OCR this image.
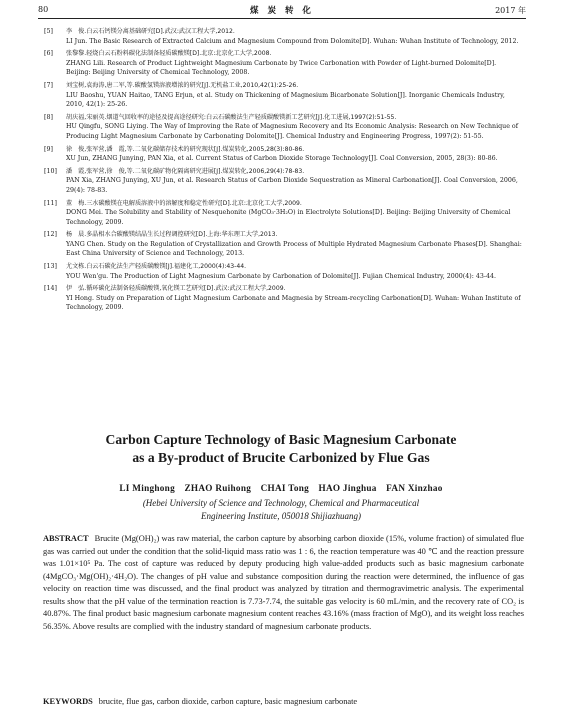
80	煤 炭 转 化	2017 年
[5] 李　俊.白云石钙镁分离基础研究[D].武汉:武汉工程大学,2012.
LI Jun. The Basic Research of Extracted Calcium and Magnesium Compound from Dolomite[D]. Wuhan: Wuhan Institute of Technology, 2012.
[6] 张黎黎.轻烧白云石粉料碳化法制备轻质碳酸镁[D].北京:北京化工大学,2008.
ZHANG Lili. Research of Product Lightweight Magnesium Carbonate by Twice Carbonation with Powder of Light-burned Dolomite[D]. Beijing: Beijing University of Chemical Technology, 2008.
[7] 刘宝树,袁海涛,唐二军,等.碳酸氢镁溶液增浓的研究[J].无机盐工业,2010,42(1):25-26.
LIU Baoshu, YUAN Haitao, TANG Erjun, et al. Study on Thickening of Magnesium Bicarbonate Solution[J]. Inorganic Chemicals Industry, 2010, 42(1): 25-26.
[8] 胡庆福,宋丽英.烟道气回收率的途径及提高途径研究:白云石碳酸法生产轻质碳酸镁新工艺研究[J].化工进展,1997(2):51-55.
HU Qingfu, SONG Liying. The Way of Improving the Rate of Magnesium Recovery and Its Economic Analysis: Research on New Technique of Producing Light Magnesium Carbonate by Carbonating Dolomite[J]. Chemical Industry and Engineering Progress, 1997(2): 51-55.
[9] 徐　俊,张军营,潘　霞,等.二氧化碳储存技术的研究现状[J].煤炭转化,2005,28(3):80-86.
XU Jun, ZHANG Junying, PAN Xia, et al. Current Status of Carbon Dioxide Storage Technology[J]. Coal Conversion, 2005, 28(3): 80-86.
[10] 潘　霞,张军营,徐　俊,等.二氧化碳矿物化隔离研究进展[J].煤炭转化,2006,29(4):78-83.
PAN Xia, ZHANG Junying, XU Jun, et al. Research Status of Carbon Dioxide Sequestration as Mineral Carbonation[J]. Coal Conversion, 2006, 29(4): 78-83.
[11] 董　梅.三水碳酸镁在电解质溶液中的溶解度和稳定性研究[D].北京:北京化工大学,2009.
DONG Mei. The Solubility and Stability of Nesquehonite (MgCO₃·3H₂O) in Electrolyte Solutions[D]. Beijing: Beijing University of Chemical Technology, 2009.
[12] 杨　晨.多晶相水合碳酸镁结晶生长过程调控研究[D].上海:华东理工大学,2013.
YANG Chen. Study on the Regulation of Crystallization and Growth Process of Multiple Hydrated Magnesium Carbonate Phases[D]. Shanghai: East China University of Science and Technology, 2013.
[13] 尤文栋.白云石碳化法生产轻质碳酸镁[J].福建化工,2000(4):43-44.
YOU Wen'gu. The Production of Light Magnesium Carbonate by Carbonation of Dolomite[J]. Fujian Chemical Industry, 2000(4): 43-44.
[14] 伊　弘.循环碳化法制备轻质碳酸镁,氧化镁工艺研究[D].武汉:武汉工程大学,2009.
YI Hong. Study on Preparation of Light Magnesium Carbonate and Magnesia by Stream-recycling Carbonation[D]. Wuhan: Wuhan Institute of Technology, 2009.
Carbon Capture Technology of Basic Magnesium Carbonate
as a By-product of Brucite Carbonized by Flue Gas
LI Minghong　ZHAO Ruihong　CHAI Tong　HAO Jinghua　FAN Xinzhao
(Hebei University of Science and Technology, Chemical and Pharmaceutical
Engineering Institute, 050018 Shijiazhuang)
ABSTRACT Brucite (Mg(OH)₂) was raw material, the carbon capture by absorbing carbon dioxide (15%, volume fraction) of simulated flue gas was carried out under the condition that the solid-liquid mass ratio was 1 : 6, the reaction temperature was 40 ℃ and the reaction pressure was 1.01×10⁵ Pa. The cost of capture was reduced by deputy producing high value-added products such as basic magnesium carbonate (4MgCO₃·Mg(OH)₂·4H₂O). The changes of pH value and substance composition during the reaction were determined, the influence of gas velocity on reaction time was discussed, and the final product was analyzed by titration and thermogravimetric analysis. The experimental results show that the pH value of the termination reaction is 7.73-7.74, the suitable gas velocity is 60 mL/min, and the recovery rate of CO₂ is 40.87%. The final product basic magnesium carbonate magnesium content reaches 43.16% (mass fraction of MgO), and its weight loss reaches 56.35%. Above results are complied with the industry standard of magnesium carbonate products.
KEYWORDS brucite, flue gas, carbon dioxide, carbon capture, basic magnesium carbonate
